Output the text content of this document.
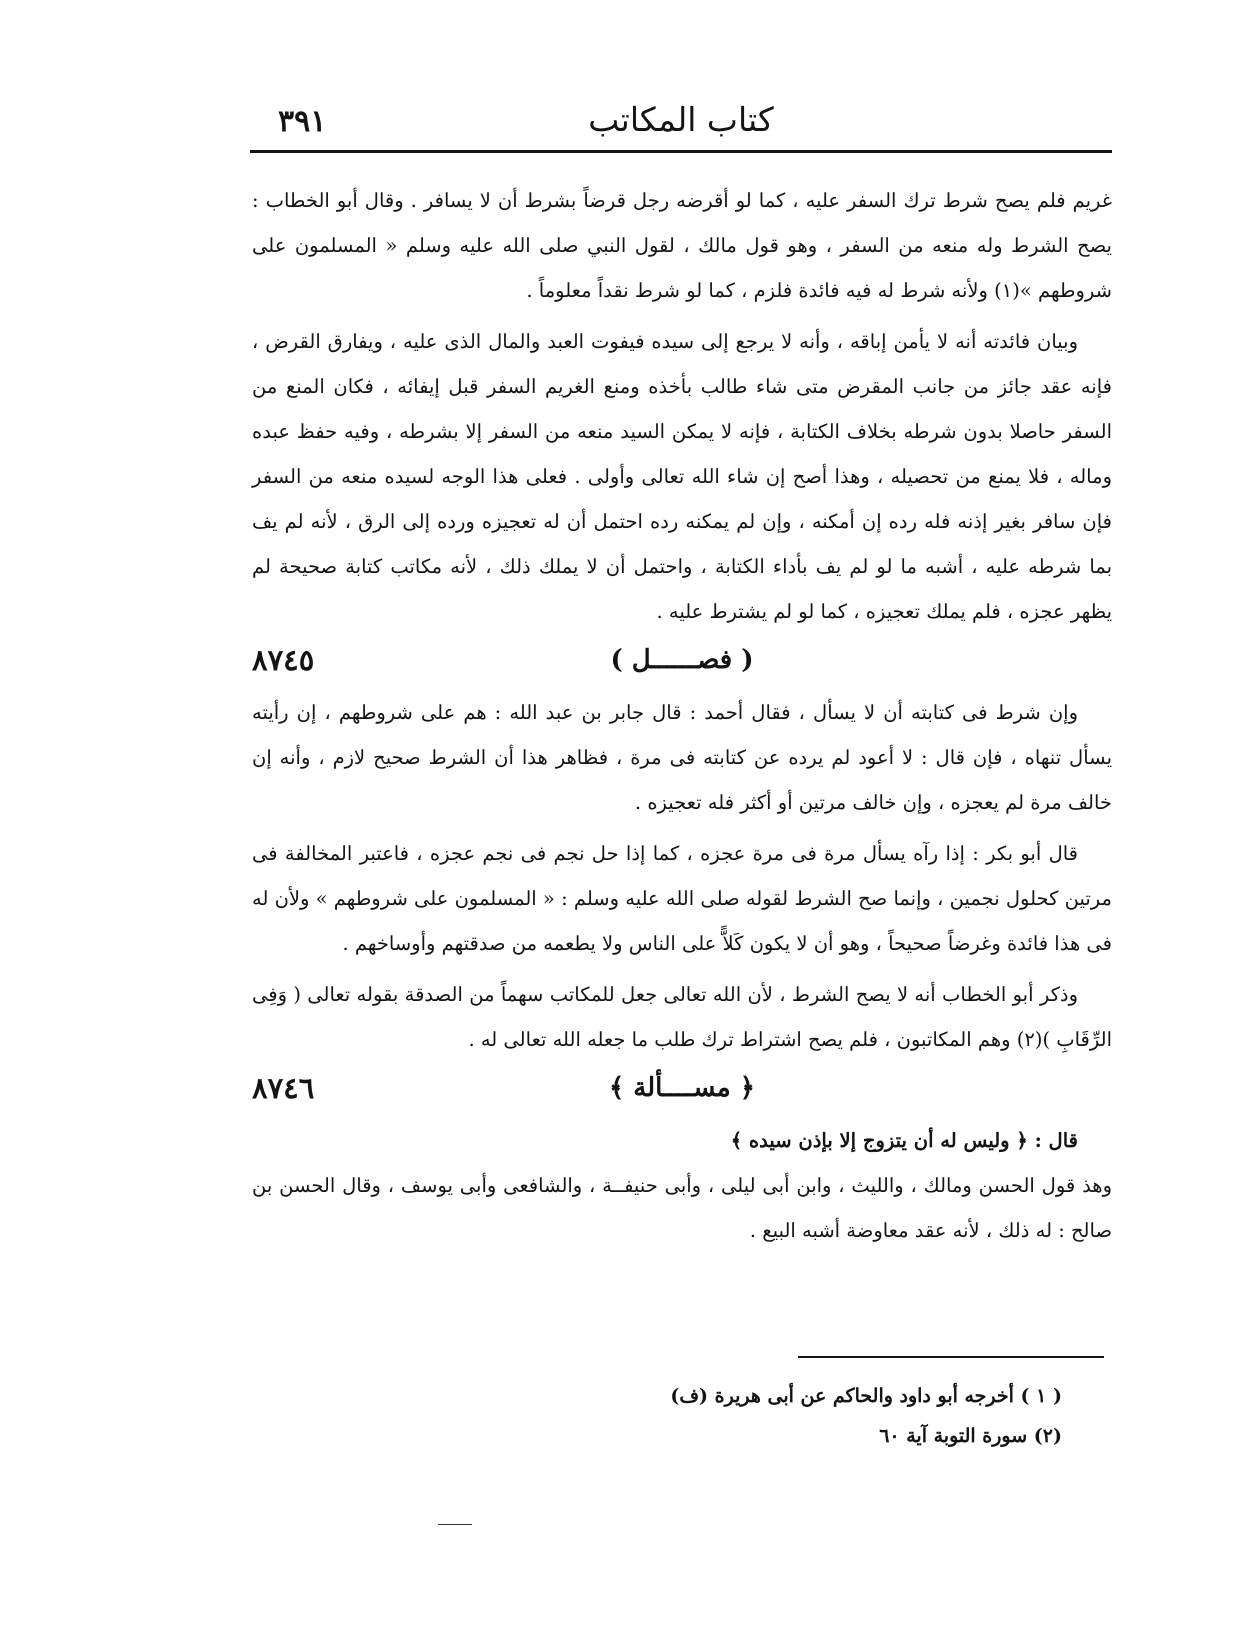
كتاب المكاتب
٣٩١

غريم فلم يصح شرط ترك السفر عليه ، كما لو أقرضه رجل قرضاً بشرط أن لا يسافر . وقال أبو الخطاب : يصح الشرط وله منعه من السفر ، وهو قول مالك ، لقول النبي صلى الله عليه وسلم « المسلمون على شروطهم »(١) ولأنه شرط له فيه فائدة فلزم ، كما لو شرط نقداً معلوماً .

وبيان فائدته أنه لا يأمن إباقه ، وأنه لا يرجع إلى سيده فيفوت العبد والمال الذى عليه ، ويفارق القرض ، فإنه عقد جائز من جانب المقرض متى شاء طالب بأخذه ومنع الغريم السفر قبل إيفائه ، فكان المنع من السفر حاصلا بدون شرطه بخلاف الكتابة ، فإنه لا يمكن السيد منعه من السفر إلا بشرطه ، وفيه حفظ عبده وماله ، فلا يمنع من تحصيله ، وهذا أصح إن شاء الله تعالى وأولى . فعلى هذا الوجه لسيده منعه من السفر فإن سافر بغير إذنه فله رده إن أمكنه ، وإن لم يمكنه رده احتمل أن له تعجيزه ورده إلى الرق ، لأنه لم يف بما شرطه عليه ، أشبه ما لو لم يف بأداء الكتابة ، واحتمل أن لا يملك ذلك ، لأنه مكاتب كتابة صحيحة لم يظهر عجزه ، فلم يملك تعجيزه ، كما لو لم يشترط عليه .

٨٧٤٥	( فصــــــل )

وإن شرط فى كتابته أن لا يسأل ، فقال أحمد : قال جابر بن عبد الله : هم على شروطهم ، إن رأيته يسأل تنهاه ، فإن قال : لا أعود لم يرده عن كتابته فى مرة ، فظاهر هذا أن الشرط صحيح لازم ، وأنه إن خالف مرة لم يعجزه ، وإن خالف مرتين أو أكثر فله تعجيزه .

قال أبو بكر : إذا رآه يسأل مرة فى مرة عجزه ، كما إذا حل نجم فى نجم عجزه ، فاعتبر المخالفة فى مرتين كحلول نجمين ، وإنما صح الشرط لقوله صلى الله عليه وسلم : « المسلمون على شروطهم » ولأن له فى هذا فائدة وغرضاً صحيحاً ، وهو أن لا يكون كَلاًّ على الناس ولا يطعمه من صدقتهم وأوساخهم .

وذكر أبو الخطاب أنه لا يصح الشرط ، لأن الله تعالى جعل للمكاتب سهماً من الصدقة بقوله تعالى ( وَفِى الرِّقَابِ )(٢) وهم المكاتبون ، فلم يصح اشتراط ترك طلب ما جعله الله تعالى له .

٨٧٤٦	﴿ مســــألة ﴾

قال : ﴿ وليس له أن يتزوج إلا بإذن سيده ﴾

وهذ قول الحسن ومالك ، والليث ، وابن أبى ليلى ، وأبى حنيفــة ، والشافعى وأبى يوسف ، وقال الحسن بن صالح : له ذلك ، لأنه عقد معاوضة أشبه البيع .

( ١ ) أخرجه أبو داود والحاكم عن أبى هريرة (ف)
(٢) سورة التوبة آية ٦٠
